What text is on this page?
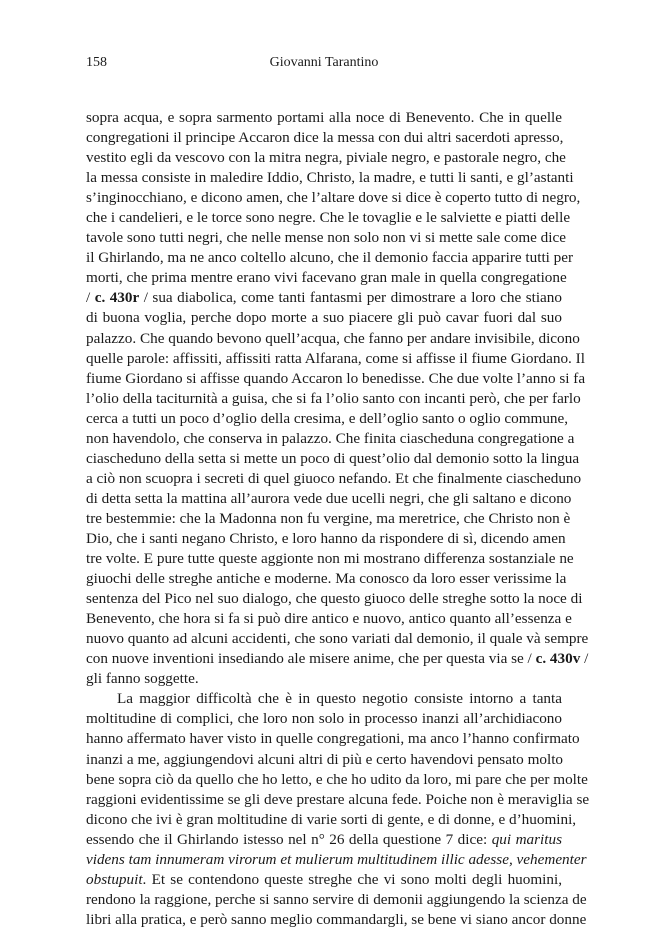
158	Giovanni Tarantino
sopra acqua, e sopra sarmento portami alla noce di Benevento. Che in quelle
congregationi il principe Accaron dice la messa con dui altri sacerdoti apresso,
vestito egli da vescovo con la mitra negra, piviale negro, e pastorale negro, che
la messa consiste in maledire Iddio, Christo, la madre, e tutti li santi, e gl’astanti
s’inginocchiano, e dicono amen, che l’altare dove si dice è coperto tutto di negro,
che i candelieri, e le torce sono negre. Che le tovaglie e le salviette e piatti delle
tavole sono tutti negri, che nelle mense non solo non vi si mette sale come dice
il Ghirlando, ma ne anco coltello alcuno, che il demonio faccia apparire tutti per
morti, che prima mentre erano vivi facevano gran male in quella congregatione
/ c. 430r / sua diabolica, come tanti fantasmi per dimostrare a loro che stiano
di buona voglia, perche dopo morte a suo piacere gli può cavar fuori dal suo
palazzo. Che quando bevono quell’acqua, che fanno per andare invisibile, dicono
quelle parole: affissiti, affissiti ratta Alfarana, come si affisse il fiume Giordano. Il
fiume Giordano si affisse quando Accaron lo benedisse. Che due volte l’anno si fa
l’olio della taciturnità a guisa, che si fa l’olio santo con incanti però, che per farlo
cerca a tutti un poco d’oglio della cresima, e dell’oglio santo o oglio commune,
non havendolo, che conserva in palazzo. Che finita ciascheduna congregatione a
ciascheduno della setta si mette un poco di quest’olio dal demonio sotto la lingua
a ciò non scuopra i secreti di quel giuoco nefando. Et che finalmente ciascheduno
di detta setta la mattina all’aurora vede due ucelli negri, che gli saltano e dicono
tre bestemmie: che la Madonna non fu vergine, ma meretrice, che Christo non è
Dio, che i santi negano Christo, e loro hanno da rispondere di sì, dicendo amen
tre volte. E pure tutte queste aggionte non mi mostrano differenza sostanziale ne
giuochi delle streghe antiche e moderne. Ma conosco da loro esser verissime la
sentenza del Pico nel suo dialogo, che questo giuoco delle streghe sotto la noce di
Benevento, che hora si fa si può dire antico e nuovo, antico quanto all’essenza e
nuovo quanto ad alcuni accidenti, che sono variati dal demonio, il quale và sempre
con nuove inventioni insediando ale misere anime, che per questa via se / c. 430v /
gli fanno soggette.
La maggior difficoltà che è in questo negotio consiste intorno a tanta
moltitudine di complici, che loro non solo in processo inanzi all’archidiacono
hanno affermato haver visto in quelle congregationi, ma anco l’hanno confirmato
inanzi a me, aggiungendovi alcuni altri di più e certo havendovi pensato molto
bene sopra ciò da quello che ho letto, e che ho udito da loro, mi pare che per molte
raggioni evidentissime se gli deve prestare alcuna fede. Poiche non è meraviglia se
dicono che ivi è gran moltitudine di varie sorti di gente, e di donne, e d’huomini,
essendo che il Ghirlando istesso nel n° 26 della questione 7 dice: qui maritus
videns tam innumeram virorum et mulierum multitudinem illic adesse, vehementer
obstupuit. Et se contendono queste streghe che vi sono molti degli huomini,
rendono la raggione, perche si sanno servire di demonii aggiungendo la scienza de
libri alla pratica, e però sanno meglio commandargli, se bene vi siano ancor donne
